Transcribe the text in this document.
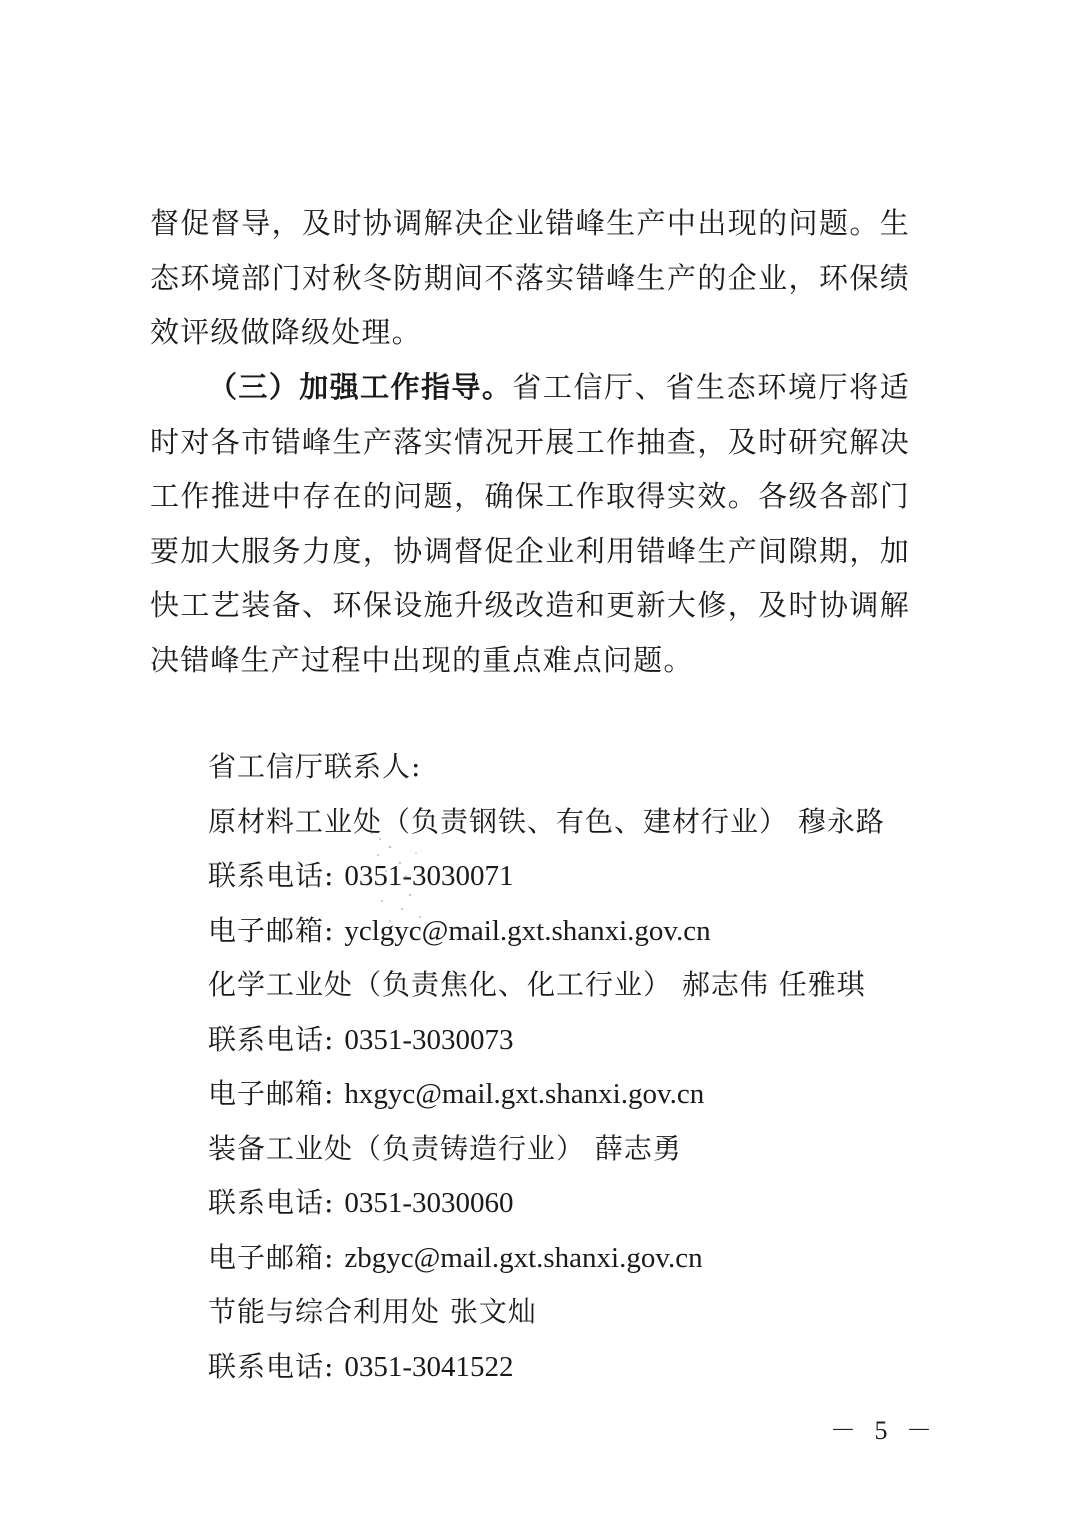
督促督导，及时协调解决企业错峰生产中出现的问题。生态环境部门对秋冬防期间不落实错峰生产的企业，环保绩效评级做降级处理。

（三）加强工作指导。省工信厅、省生态环境厅将适时对各市错峰生产落实情况开展工作抽查，及时研究解决工作推进中存在的问题，确保工作取得实效。各级各部门要加大服务力度，协调督促企业利用错峰生产间隙期，加快工艺装备、环保设施升级改造和更新大修，及时协调解决错峰生产过程中出现的重点难点问题。

省工信厅联系人:
原材料工业处（负责钢铁、有色、建材行业） 穆永路
联系电话: 0351-3030071
电子邮箱: yclgyc@mail.gxt.shanxi.gov.cn
化学工业处（负责焦化、化工行业） 郝志伟 任雅琪
联系电话: 0351-3030073
电子邮箱: hxgyc@mail.gxt.shanxi.gov.cn
装备工业处（负责铸造行业） 薛志勇
联系电话: 0351-3030060
电子邮箱: zbgyc@mail.gxt.shanxi.gov.cn
节能与综合利用处 张文灿
联系电话: 0351-3041522
－ 5 －
